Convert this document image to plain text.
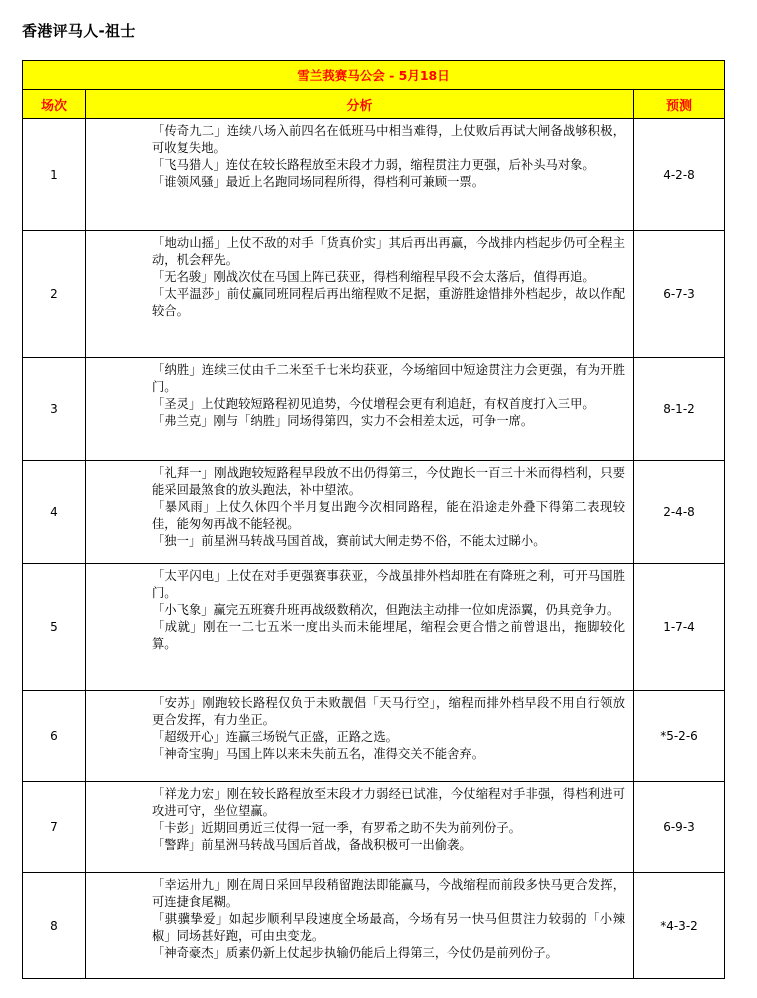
香港评马人-祖士
雪兰莪赛马公会 - 5月18日		
场次	分析	预测
1	「传奇九二」连续八场入前四名在低班马中相当难得，上仗败后再试大闸备战够积极，可收复失地。
「飞马猎人」连仗在较长路程放至末段才力弱，缩程贯注力更强，后补头马对象。
「谁领风骚」最近上名跑同场同程所得，得档利可兼顾一票。	4-2-8
2	「地动山摇」上仗不敌的对手「货真价实」其后再出再赢，今战排内档起步仍可全程主动，机会秤先。
「无名骏」刚战次仗在马国上阵已获亚，得档利缩程早段不会太落后，值得再追。
「太平温莎」前仗赢同班同程后再出缩程败不足据，重游胜途惜排外档起步，故以作配较合。	6-7-3
3	「纳胜」连续三仗由千二米至千七米均获亚，今场缩回中短途贯注力会更强，有为开胜门。
「圣灵」上仗跑较短路程初见追势，今仗增程会更有利追赶，有权首度打入三甲。
「弗兰克」刚与「纳胜」同场得第四，实力不会相差太远，可争一席。	8-1-2
4	「礼拜一」刚战跑较短路程早段放不出仍得第三，今仗跑长一百三十米而得档利，只要能采回最煞食的放头跑法，补中望浓。
「暴风雨」上仗久休四个半月复出跑今次相同路程，能在沿途走外叠下得第二表现较佳，能匆匆再战不能轻视。
「独一」前星洲马转战马国首战，赛前试大闸走势不俗，不能太过睇小。	2-4-8
5	「太平闪电」上仗在对手更强赛事获亚，今战虽排外档却胜在有降班之利，可开马国胜门。
「小飞象」赢完五班赛升班再战级数稍次，但跑法主动排一位如虎添翼，仍具竞争力。
「成就」刚在一二七五米一度出头而未能埋尾，缩程会更合惜之前曾退出，拖脚较化算。	1-7-4
6	「安苏」刚跑较长路程仅负于未败靓倡「天马行空」，缩程而排外档早段不用自行领放更合发挥，有力坐正。
「超级开心」连赢三场锐气正盛，正路之选。
「神奇宝驹」马国上阵以来未失前五名，准得交关不能舍弃。	*5-2-6
7	「祥龙力宏」刚在较长路程放至末段才力弱经已试准，今仗缩程对手非强，得档利进可攻进可守，坐位望赢。
「卡彭」近期回勇近三仗得一冠一季，有罗希之助不失为前列份子。
「警跸」前星洲马转战马国后首战，备战积极可一出偷袭。	6-9-3
8	「幸运卅九」刚在周日采回早段稍留跑法即能赢马，今战缩程而前段多快马更合发挥，可连捷食尾糊。
「骐骥挚爱」如起步顺利早段速度全场最高，今场有另一快马但贯注力较弱的「小辣椒」同场甚好跑，可由虫变龙。
「神奇豪杰」质素仍新上仗起步执输仍能后上得第三，今仗仍是前列份子。	*4-3-2
